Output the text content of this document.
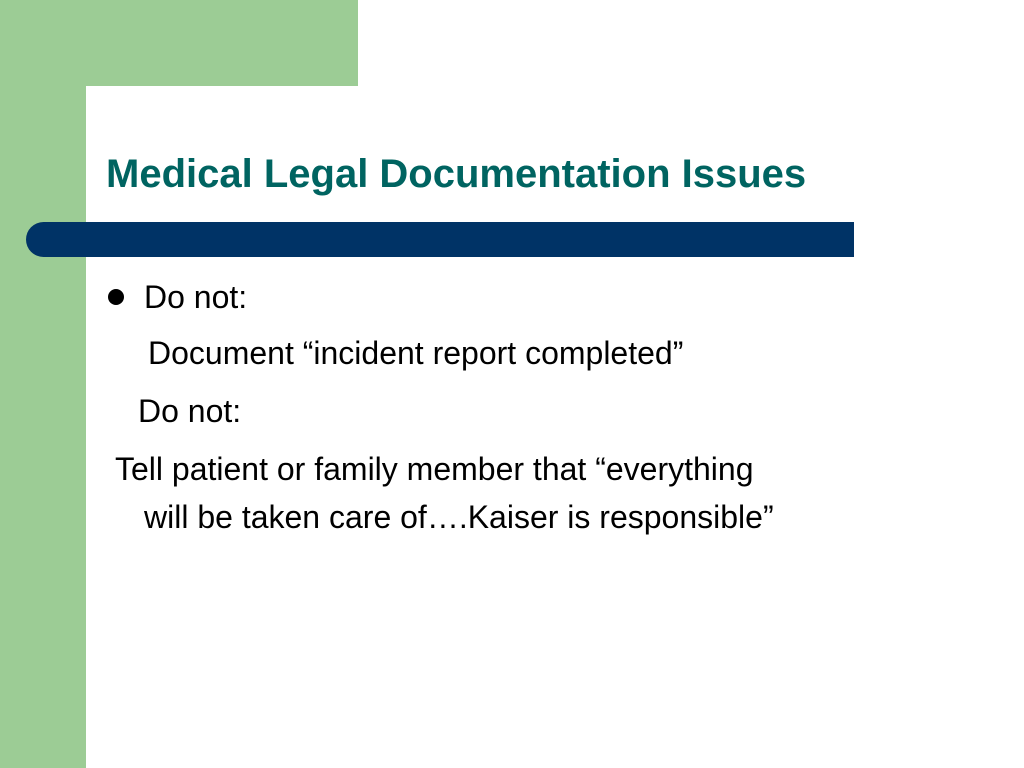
Medical Legal Documentation Issues

Do not:

Document “incident report completed”

Do not:

Tell patient or family member that “everything

will be taken care of….Kaiser is responsible”
